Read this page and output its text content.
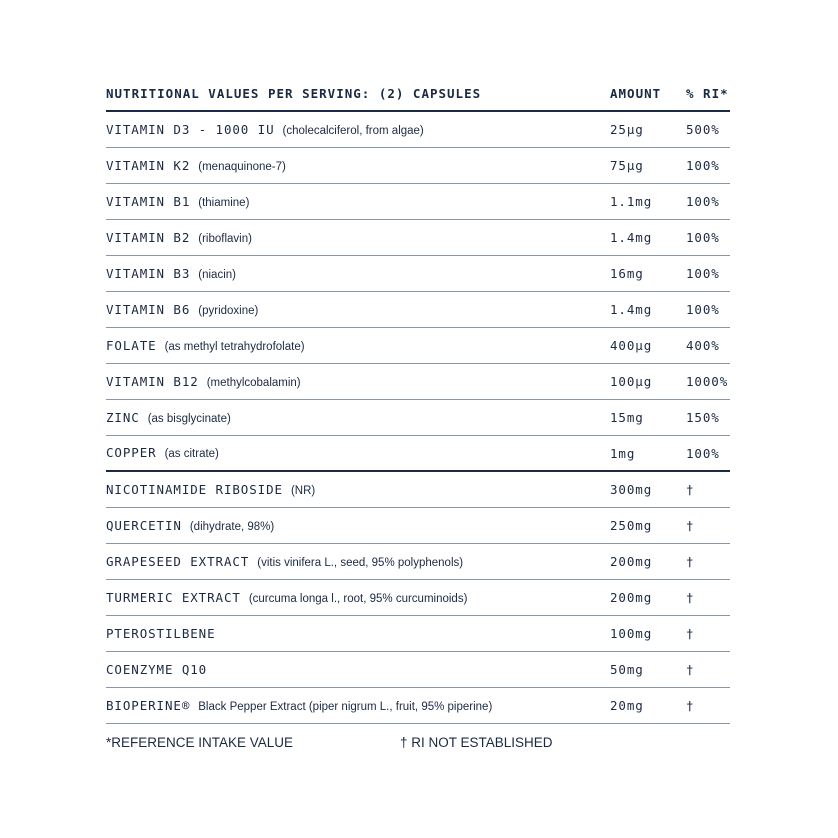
NUTRITIONAL VALUES PER SERVING: (2) CAPSULES	AMOUNT	% RI*
VITAMIN D3 - 1000 IU (cholecalciferol, from algae)	25µg	500%
VITAMIN K2 (menaquinone-7)	75µg	100%
VITAMIN B1 (thiamine)	1.1mg	100%
VITAMIN B2 (riboflavin)	1.4mg	100%
VITAMIN B3 (niacin)	16mg	100%
VITAMIN B6 (pyridoxine)	1.4mg	100%
FOLATE (as methyl tetrahydrofolate)	400µg	400%
VITAMIN B12 (methylcobalamin)	100µg	1000%
ZINC (as bisglycinate)	15mg	150%
COPPER (as citrate)	1mg	100%
NICOTINAMIDE RIBOSIDE (NR)	300mg	†
QUERCETIN (dihydrate, 98%)	250mg	†
GRAPESEED EXTRACT (vitis vinifera L., seed, 95% polyphenols)	200mg	†
TURMERIC EXTRACT (curcuma longa l., root, 95% curcuminoids)	200mg	†
PTEROSTILBENE	100mg	†
COENZYME Q10	50mg	†
BIOPERINE® Black Pepper Extract (piper nigrum L., fruit, 95% piperine)	20mg	†
*REFERENCE INTAKE VALUE	† RI NOT ESTABLISHED
